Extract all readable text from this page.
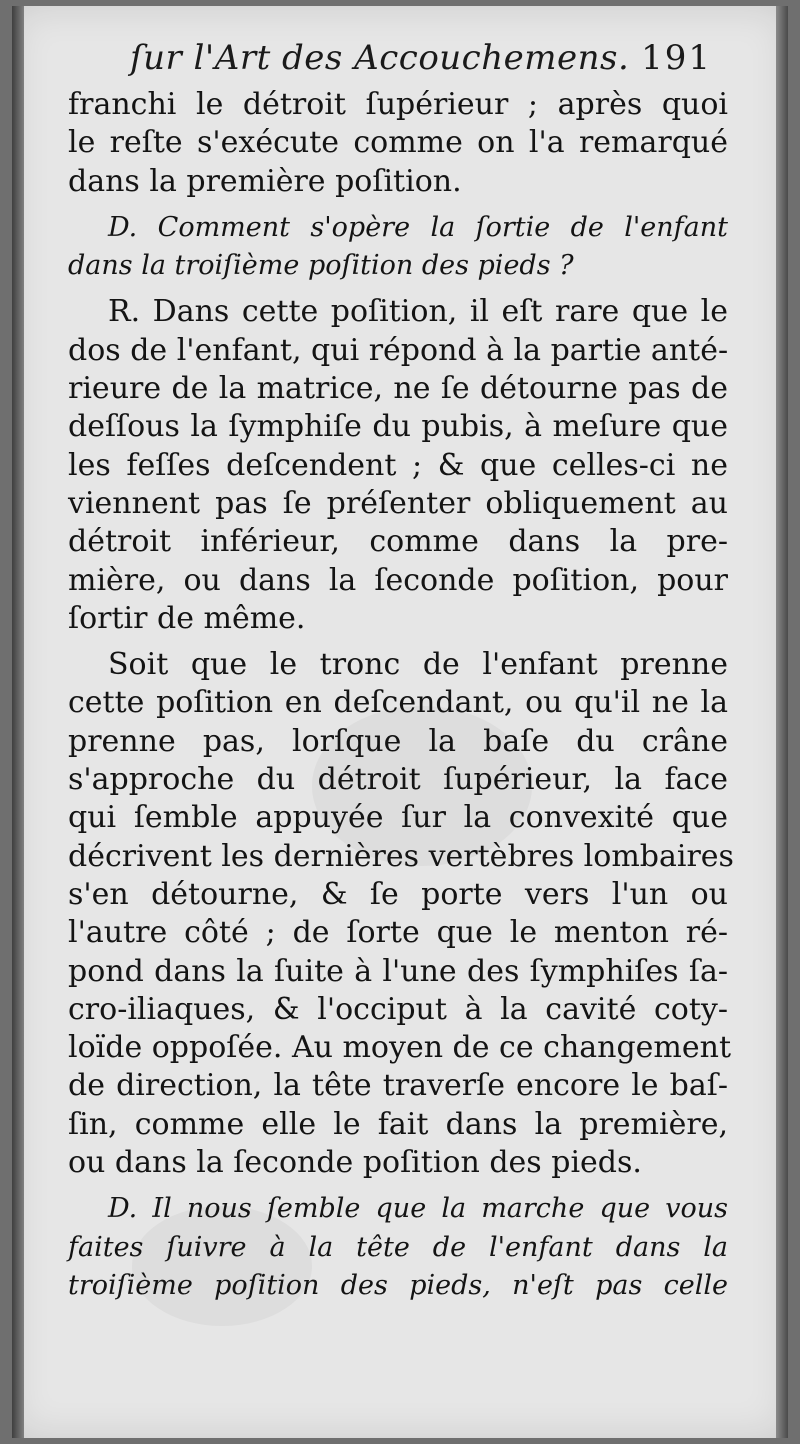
ſur l'Art des Accouchemens. 191
franchi le détroit ſupérieur ; après quoi
le reſte s'exécute comme on l'a remarqué
dans la première poſition.
D. Comment s'opère la ſortie de l'enfant
dans la troiſième poſition des pieds ?
R. Dans cette poſition, il eſt rare que le
dos de l'enfant, qui répond à la partie anté-
rieure de la matrice, ne ſe détourne pas de
deſſous la ſymphiſe du pubis, à meſure que
les feſſes deſcendent ; & que celles-ci ne
viennent pas ſe préſenter obliquement au
détroit inférieur, comme dans la pre-
mière, ou dans la ſeconde poſition, pour
ſortir de même.
Soit que le tronc de l'enfant prenne
cette poſition en deſcendant, ou qu'il ne la
prenne pas, lorſque la baſe du crâne
s'approche du détroit ſupérieur, la face
qui ſemble appuyée ſur la convexité que
décrivent les dernières vertèbres lombaires
s'en détourne, & ſe porte vers l'un ou
l'autre côté ; de ſorte que le menton ré-
pond dans la ſuite à l'une des ſymphiſes ſa-
cro-iliaques, & l'occiput à la cavité coty-
loïde oppoſée. Au moyen de ce changement
de direction, la tête traverſe encore le baſ-
ſin, comme elle le fait dans la première,
ou dans la ſeconde poſition des pieds.
D. Il nous ſemble que la marche que vous
faites ſuivre à la tête de l'enfant dans la
troiſième poſition des pieds, n'eſt pas celle
